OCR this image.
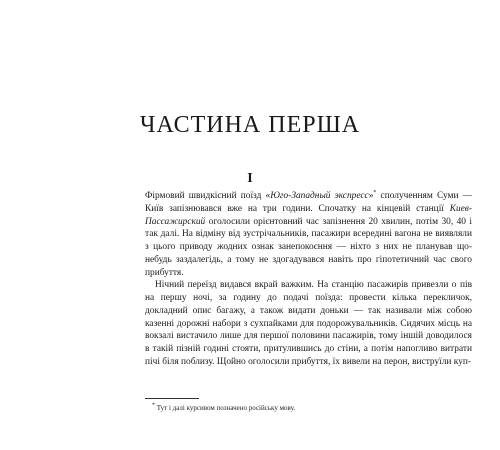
ЧАСТИНА ПЕРША
I

Фірмовий швидкісний поїзд «Юго-Западный экспресс»* сполученням Суми — Київ запізнювався вже на три години. Спочатку на кінцевій станції Киев-Пассажирский оголосили орієнтовний час запізнення 20 хвилин, потім 30, 40 і так далі. На відміну від зустрічальників, пасажири всередині вагона не виявляли з цього приводу жодних ознак занепокоєння — ніхто з них не планував що-небудь заздалегідь, а тому не здогадувався навіть про гіпотетичний час свого прибуття.

Нічний переїзд видався вкрай важким. На станцію пасажирів привезли о пів на першу ночі, за годину до подачі поїзда: провести кілька перекличок, докладний опис багажу, а також видати доньки — так називали між собою казенні дорожні набори з сухпайками для подорожувальників. Сидячих місць на вокзалі вистачило лише для першої половини пасажирів, тому іншій доводилося в такій пізній годині стояти, притулившись до стіни, а потім напогливо витрати пічі біля поблизу. Щойно оголосили прибуття, їх вивели на перон, виструїли куп-

* Тут і далі курсивом позначено російську мову.
